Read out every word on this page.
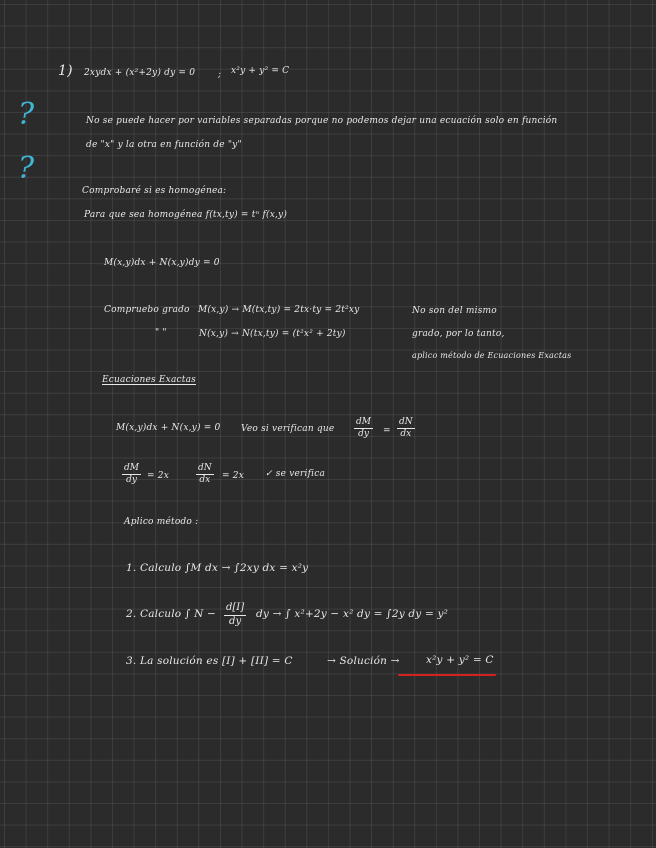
1) 2xydx + (x²+2y) dy = 0	; x²y + y² = C
?
?
No se puede hacer por variables separadas porque no podemos dejar una ecuación solo en función
de "x" y la otra en función de "y"
Comprobaré si es homogénea:
Para que sea homogénea f(tx,ty) = tⁿ f(x,y)
M(x,y)dx + N(x,y)dy = 0
Compruebo grado M(x,y) → M(tx,ty) = 2tx·ty = 2t²xy
" "	N(x,y) → N(tx,ty) = (t²x² + 2ty)
No son del mismo
grado, por lo tanto,
aplico método de Ecuaciones Exactas
Ecuaciones Exactas
M(x,y)dx + N(x,y) = 0 Veo si verifican que $\frac{dM}{dy} = \frac{dN}{dx}$
$\frac{dM}{dy} = 2x$	$\frac{dN}{dx} = 2x$ ✓ se verifica
Aplico método :
1. Calculo ∫M dx → ∫2xy dx = x²y
2. Calculo ∫ $N - \frac{d[I]}{dy}$ dy → ∫ x²+2y − x² dy = ∫2y dy = y²
3. La solución es [I] + [II] = C	→ Solución →	x²y + y² = C
